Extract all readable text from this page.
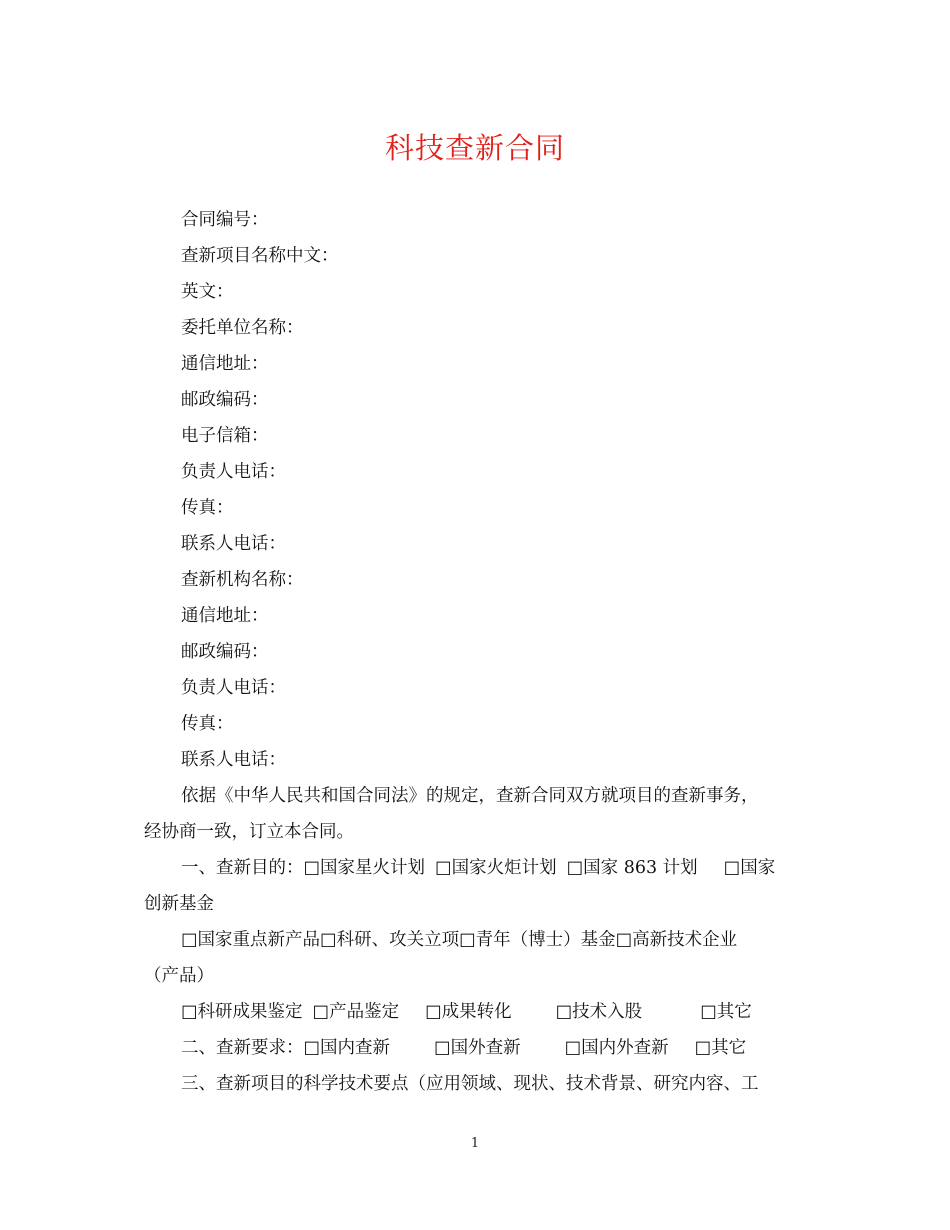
科技查新合同
合同编号：
查新项目名称中文：
英文：
委托单位名称：
通信地址：
邮政编码：
电子信箱：
负责人电话：
传真：
联系人电话：
查新机构名称：
通信地址：
邮政编码：
负责人电话：
传真：
联系人电话：
依据《中华人民共和国合同法》的规定，查新合同双方就项目的查新事务，
经协商一致，订立本合同。
一、查新目的：□国家星火计划 □国家火炬计划 □国家 863 计划 □国家
创新基金
□国家重点新产品□科研、攻关立项□青年（博士）基金□高新技术企业
（产品）
□科研成果鉴定 □产品鉴定 □成果转化	□技术入股	□其它
二、查新要求：□国内查新	□国外查新	□国内外查新 □其它
三、查新项目的科学技术要点（应用领域、现状、技术背景、研究内容、工
1
